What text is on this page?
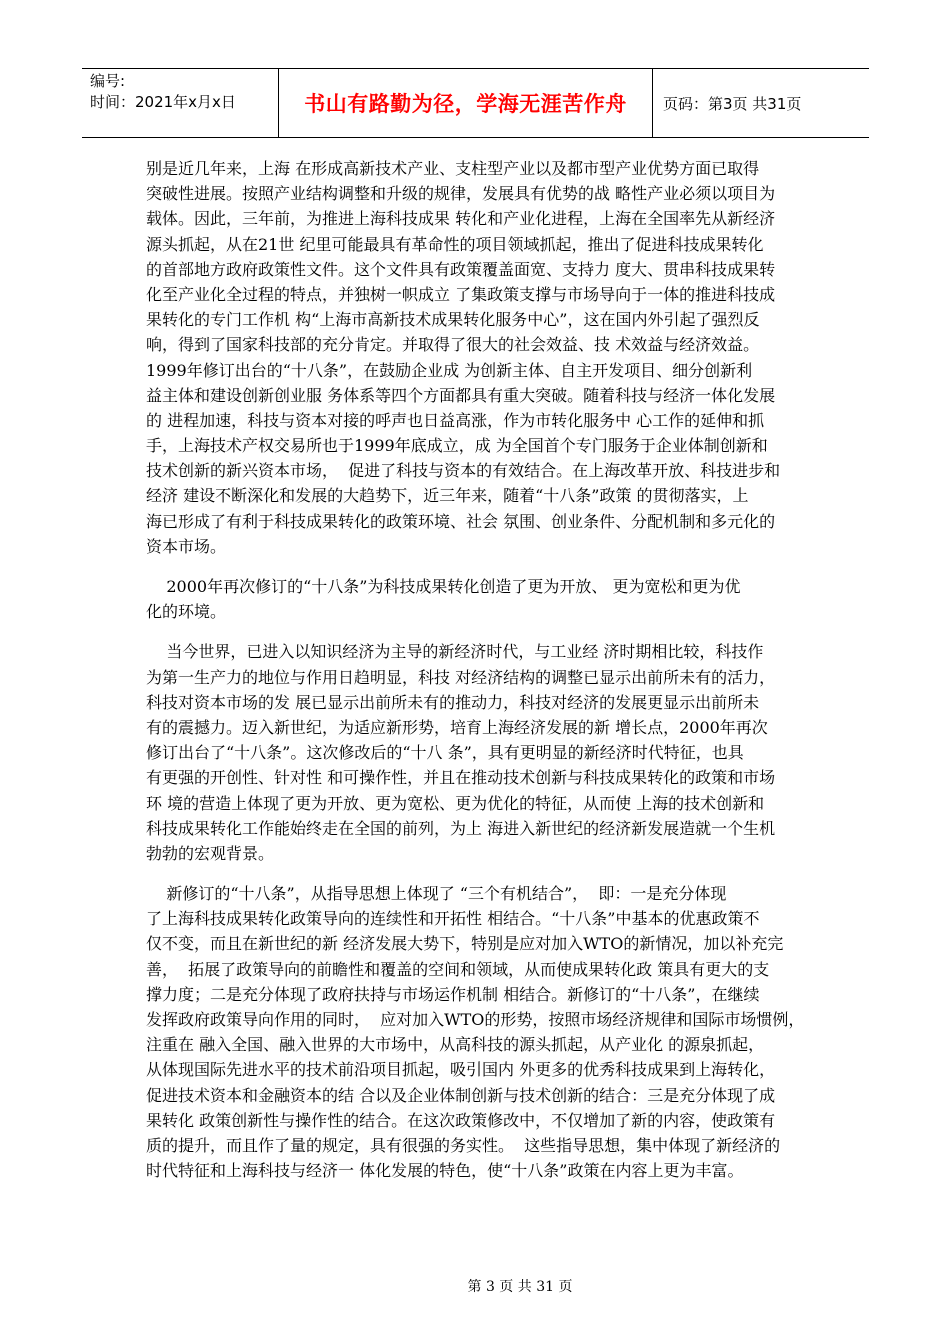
编号:
时间：2021年x月x日	书山有路勤为径，学海无涯苦作舟	页码：第3页 共31页
别是近几年来，上海 在形成高新技术产业、支柱型产业以及都市型产业优势方面已取得
突破性进展。按照产业结构调整和升级的规律，发展具有优势的战 略性产业必须以项目为
载体。因此，三年前，为推进上海科技成果 转化和产业化进程，上海在全国率先从新经济
源头抓起，从在21世 纪里可能最具有革命性的项目领域抓起，推出了促进科技成果转化
的首部地方政府政策性文件。这个文件具有政策覆盖面宽、支持力 度大、贯串科技成果转
化至产业化全过程的特点，并独树一帜成立 了集政策支撑与市场导向于一体的推进科技成
果转化的专门工作机 构“上海市高新技术成果转化服务中心”，这在国内外引起了强烈反
响，得到了国家科技部的充分肯定。并取得了很大的社会效益、技 术效益与经济效益。
1999年修订出台的“十八条”，在鼓励企业成 为创新主体、自主开发项目、细分创新利
益主体和建设创新创业服 务体系等四个方面都具有重大突破。随着科技与经济一体化发展
的 进程加速，科技与资本对接的呼声也日益高涨，作为市转化服务中 心工作的延伸和抓
手，上海技术产权交易所也于1999年底成立，成 为全国首个专门服务于企业体制创新和
技术创新的新兴资本市场，  促进了科技与资本的有效结合。在上海改革开放、科技进步和
经济 建设不断深化和发展的大趋势下，近三年来，随着“十八条”政策 的贯彻落实，上
海已形成了有利于科技成果转化的政策环境、社会 氛围、创业条件、分配机制和多元化的
资本市场。
2000年再次修订的“十八条”为科技成果转化创造了更为开放、 更为宽松和更为优
化的环境。
当今世界，已进入以知识经济为主导的新经济时代，与工业经 济时期相比较，科技作
为第一生产力的地位与作用日趋明显，科技 对经济结构的调整已显示出前所未有的活力，
科技对资本市场的发 展已显示出前所未有的推动力，科技对经济的发展更显示出前所未
有的震撼力。迈入新世纪，为适应新形势，培育上海经济发展的新 增长点，2000年再次
修订出台了“十八条”。这次修改后的“十八 条”，具有更明显的新经济时代特征，也具
有更强的开创性、针对性 和可操作性，并且在推动技术创新与科技成果转化的政策和市场
环 境的营造上体现了更为开放、更为宽松、更为优化的特征，从而使 上海的技术创新和
科技成果转化工作能始终走在全国的前列，为上 海进入新世纪的经济新发展造就一个生机
勃勃的宏观背景。
新修订的“十八条”，从指导思想上体现了 “三个有机结合”，  即：一是充分体现
了上海科技成果转化政策导向的连续性和开拓性 相结合。“十八条”中基本的优惠政策不
仅不变，而且在新世纪的新 经济发展大势下，特别是应对加入WTO的新情况，加以补充完
善，  拓展了政策导向的前瞻性和覆盖的空间和领域，从而使成果转化政 策具有更大的支
撑力度；二是充分体现了政府扶持与市场运作机制 相结合。新修订的“十八条”，在继续
发挥政府政策导向作用的同时，  应对加入WTO的形势，按照市场经济规律和国际市场惯例，
注重在 融入全国、融入世界的大市场中，从高科技的源头抓起，从产业化 的源泉抓起，
从体现国际先进水平的技术前沿项目抓起，吸引国内 外更多的优秀科技成果到上海转化，
促进技术资本和金融资本的结 合以及企业体制创新与技术创新的结合：三是充分体现了成
果转化 政策创新性与操作性的结合。在这次政策修改中，不仅增加了新的内容，使政策有
质的提升，而且作了量的规定，具有很强的务实性。  这些指导思想，集中体现了新经济的
时代特征和上海科技与经济一 体化发展的特色，使“十八条”政策在内容上更为丰富。
第 3 页 共 31 页
